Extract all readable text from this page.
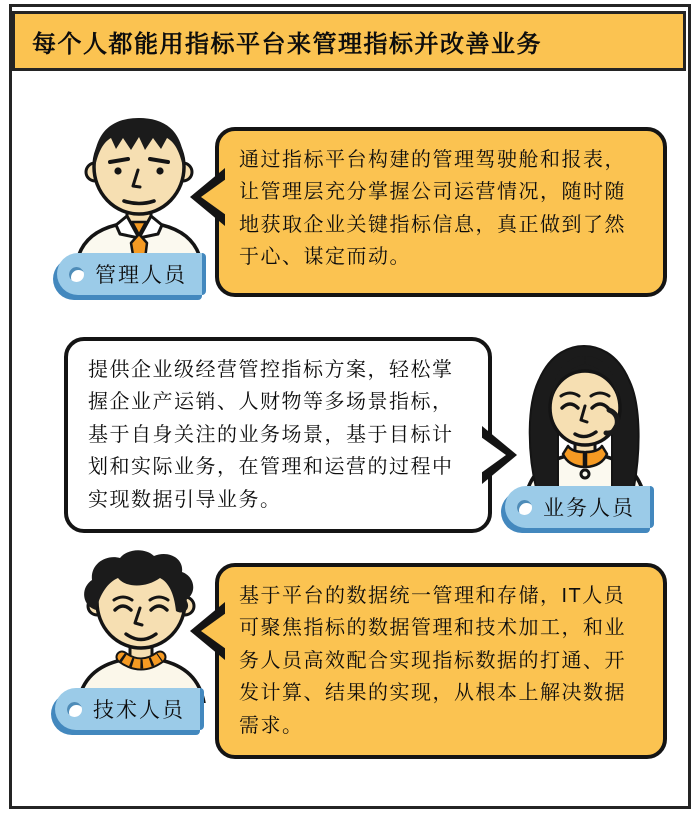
每个人都能用指标平台来管理指标并改善业务
管理人员
通过指标平台构建的管理驾驶舱和报表，让管理层充分掌握公司运营情况，随时随地获取企业关键指标信息，真正做到了然于心、谋定而动。
提供企业级经营管控指标方案，轻松掌握企业产运销、人财物等多场景指标，基于自身关注的业务场景，基于目标计划和实际业务，在管理和运营的过程中实现数据引导业务。	业务人员
技术人员
基于平台的数据统一管理和存储，IT人员可聚焦指标的数据管理和技术加工，和业务人员高效配合实现指标数据的打通、开发计算、结果的实现，从根本上解决数据需求。
